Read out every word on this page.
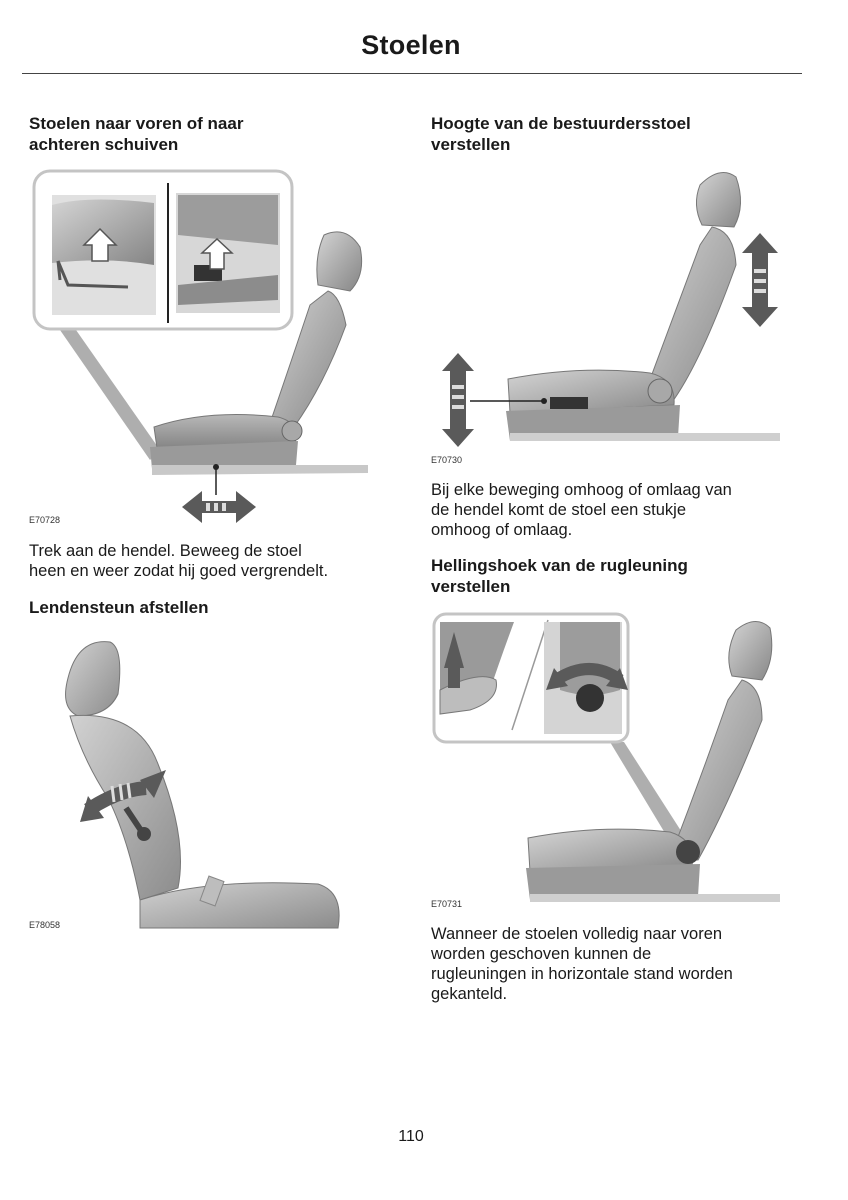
Stoelen
Stoelen naar voren of naar
achteren schuiven
E70728
Trek aan de hendel. Beweeg de stoel
heen en weer zodat hij goed vergrendelt.
Lendensteun afstellen
E78058
Hoogte van de bestuurdersstoel
verstellen
E70730
Bij elke beweging omhoog of omlaag van
de hendel komt de stoel een stukje
omhoog of omlaag.
Hellingshoek van de rugleuning
verstellen
E70731
Wanneer de stoelen volledig naar voren
worden geschoven kunnen de
rugleuningen in horizontale stand worden
gekanteld.
110
